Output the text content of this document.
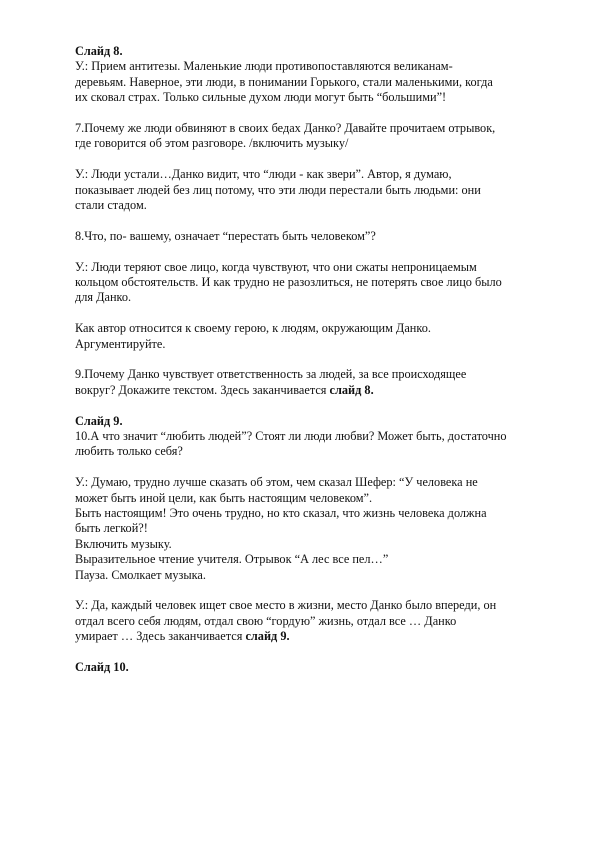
Слайд 8.
У.: Прием антитезы. Маленькие люди противопоставляются великанам-
деревьям. Наверное, эти люди, в понимании Горького, стали маленькими, когда
их сковал страх. Только сильные духом люди могут быть “большими”!
7.Почему же люди обвиняют в своих бедах Данко? Давайте прочитаем отрывок,
где говорится об этом разговоре. /включить музыку/
У.: Люди устали…Данко видит, что “люди - как звери”. Автор, я думаю,
показывает людей без лиц потому, что эти люди перестали быть людьми: они
стали стадом.
8.Что, по- вашему, означает “перестать быть человеком”?
У.: Люди теряют свое лицо, когда чувствуют, что они сжаты непроницаемым
кольцом обстоятельств. И как трудно не разозлиться, не потерять свое лицо было
для Данко.
Как автор относится к своему герою, к людям, окружающим Данко.
Аргументируйте.
9.Почему Данко чувствует ответственность за людей, за все происходящее
вокруг? Докажите текстом. Здесь заканчивается слайд 8.
Слайд 9.
10.А что значит “любить людей”? Стоят ли люди любви? Может быть, достаточно
любить только себя?
У.: Думаю, трудно лучше сказать об этом, чем сказал Шефер: “У человека не
может быть иной цели, как быть настоящим человеком”.
Быть настоящим! Это очень трудно, но кто сказал, что жизнь человека должна
быть легкой?!
Включить музыку.
Выразительное чтение учителя. Отрывок “А лес все пел…”
Пауза. Смолкает музыка.
У.: Да, каждый человек ищет свое место в жизни, место Данко было впереди, он
отдал всего себя людям, отдал свою “гордую” жизнь, отдал все … Данко
умирает … Здесь заканчивается слайд 9.
Слайд 10.
